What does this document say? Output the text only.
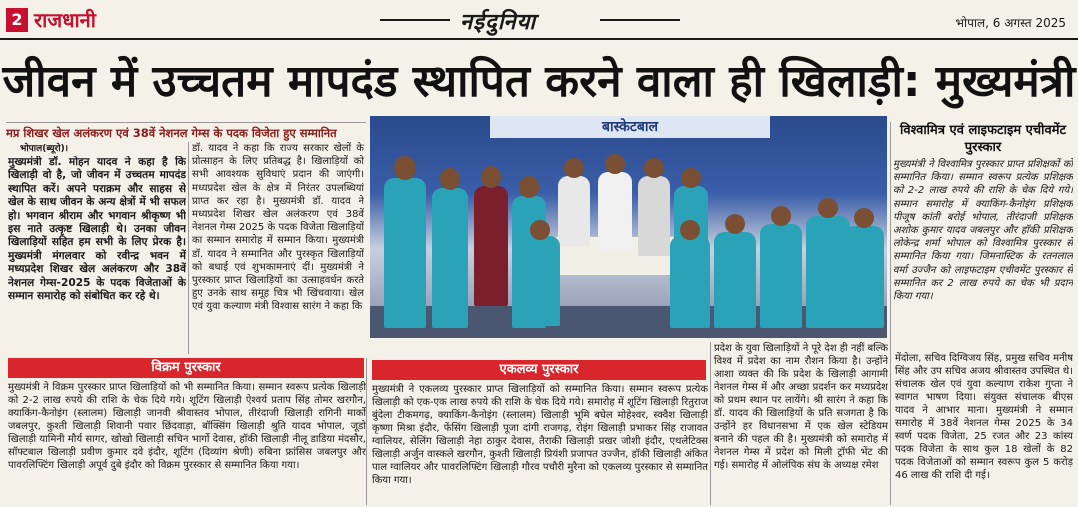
2 राजधानी	नईदुनिया	भोपाल, 6 अगस्त 2025
जीवन में उच्चतम मापदंड स्थापित करने वाला ही खिलाड़ी: मुख्यमंत्री
मप्र शिखर खेल अलंकरण एवं 38वें नेशनल गेम्स के पदक विजेता हुए सम्मानित
भोपाल(ब्यूरो)।
मुख्यमंत्री डॉ. मोहन यादव ने कहा है कि खिलाड़ी वो है, जो जीवन में उच्चतम मापदंड स्थापित करें। अपने पराक्रम और साहस से खेल के साथ जीवन के अन्य क्षेत्रों में भी सफल हो। भगवान श्रीराम और भगवान श्रीकृष्ण भी इस नाते उत्कृष्ट खिलाड़ी थे। उनका जीवन खिलाड़ियों सहित हम सभी के लिए प्रेरक है। मुख्यमंत्री मंगलवार को रवीन्द्र भवन में मध्यप्रदेश शिखर खेल अलंकरण और 38वें नेशनल गेम्स-2025 के पदक विजेताओं के सम्मान समारोह को संबोधित कर रहे थे।
डॉ. यादव ने कहा कि राज्य सरकार खेलों के प्रोत्साहन के लिए प्रतिबद्ध है। खिलाड़ियों को सभी आवश्यक सुविधाएं प्रदान की जाएंगी। मध्यप्रदेश खेल के क्षेत्र में निरंतर उपलब्धियां प्राप्त कर रहा है। मुख्यमंत्री डॉ. यादव ने मध्यप्रदेश शिखर खेल अलंकरण एवं 38वें नेशनल गेम्स 2025 के पदक विजेता खिलाड़ियों का सम्मान समारोह में सम्मान किया। मुख्यमंत्री डॉ. यादव ने सम्मानित और पुरस्कृत खिलाड़ियों को बधाई एवं शुभकामनाएं दीं। मुख्यमंत्री ने पुरस्कार प्राप्त खिलाड़ियों का उत्साहवर्धन करते हुए उनके साथ समूह चित्र भी खिंचवाया। खेल एवं युवा कल्याण मंत्री विश्वास सारंग ने कहा कि
बास्केटबाल	विश्वामित्र एवं लाइफटाइम एचीवमेंट पुरस्कार
मुख्यमंत्री ने विश्वामित्र पुरस्कार प्राप्त प्रशिक्षकों को सम्मानित किया। सम्मान स्वरूप प्रत्येक प्रशिक्षक को 2-2 लाख रुपये की राशि के चेक दिये गये। सम्मान समारोह में क्याकिंग-कैनोइंग प्रशिक्षक पीजूष कांती बरोई भोपाल, तीरंदाजी प्रशिक्षक अशोक कुमार यादव जबलपुर और हॉकी प्रशिक्षक लोकेन्द्र शर्मा भोपाल को विश्वामित्र पुरस्कार से सम्मानित किया गया। जिमनास्टिक के रतनलाल वर्मा उज्जैन को लाइफटाइम एचीवमेंट पुरस्कार से सम्मानित कर 2 लाख रुपये का चेक भी प्रदान किया गया।
विक्रम पुरस्कार
मुख्यमंत्री ने विक्रम पुरस्कार प्राप्त खिलाड़ियों को भी सम्मानित किया। सम्मान स्वरूप प्रत्येक खिलाड़ी को 2-2 लाख रुपये की राशि के चेक दिये गये। शूटिंग खिलाड़ी ऐश्वर्य प्रताप सिंह तोमर खरगौन, क्याकिंग-कैनोइंग (स्लालम) खिलाड़ी जानवी श्रीवास्तव भोपाल, तीरंदाजी खिलाड़ी रागिनी मार्को जबलपुर, कुश्ती खिलाड़ी शिवानी पवार छिंदवाड़ा, बॉक्सिंग खिलाड़ी श्रुति यादव भोपाल, जूडो खिलाड़ी यामिनी मौर्य सागर, खोखो खिलाड़ी सचिन भार्गो देवास, हॉकी खिलाड़ी नीलू डाडिया मंदसौर, सॉफ्टबाल खिलाड़ी प्रवीण कुमार दवे इंदौर, शूटिंग (दिव्यांग श्रेणी) रुबिना फ्रांसिस जबलपुर और पावरलिफ्टिंग खिलाड़ी अपूर्व दुबे इंदौर को विक्रम पुरस्कार से सम्मानित किया गया।
एकलव्य पुरस्कार
मुख्यमंत्री ने एकलव्य पुरस्कार प्राप्त खिलाड़ियों को सम्मानित किया। सम्मान स्वरूप प्रत्येक खिलाड़ी को एक-एक लाख रुपये की राशि के चेक दिये गये। समारोह में शूटिंग खिलाड़ी रितुराज बुंदेला टीकमगढ़, क्याकिंग-कैनोइंग (स्लालम) खिलाड़ी भूमि बघेल मोहेश्वर, स्क्वैश खिलाड़ी कृष्णा मिश्रा इंदौर, फेंसिंग खिलाड़ी पूजा दांगी राजगढ़, रोइंग खिलाड़ी प्रभाकर सिंह राजावत ग्वालियर, सेलिंग खिलाड़ी नेहा ठाकुर देवास, तैराकी खिलाड़ी प्रखर जोशी इंदौर, एथलेटिक्स खिलाड़ी अर्जुन वास्कले खरगौन, कुश्ती खिलाड़ी प्रियंशी प्रजापत उज्जैन, हॉकी खिलाड़ी अंकित पाल ग्वालियर और पावरलिफ्टिंग खिलाड़ी गौरव पचौरी मुरैना को एकलव्य पुरस्कार से सम्मानित किया गया।
प्रदेश के युवा खिलाड़ियों ने पूरे देश ही नहीं बल्कि विश्व में प्रदेश का नाम रौशन किया है। उन्होंने आशा व्यक्त की कि प्रदेश के खिलाड़ी आगामी नेशनल गेम्स में और अच्छा प्रदर्शन कर मध्यप्रदेश को प्रथम स्थान पर लायेंगे। श्री सारंग ने कहा कि डॉ. यादव की खिलाड़ियों के प्रति सजगता है कि उन्होंने हर विधानसभा में एक खेल स्टेडियम बनाने की पहल की है। मुख्यमंत्री को समारोह में नेशनल गेम्स में प्रदेश को मिली ट्रॉफी भेंट की गई। समारोह में ओलंपिक संघ के अध्यक्ष रमेश
मेंदोला, सचिव दिग्विजय सिंह, प्रमुख सचिव मनीष सिंह और उप सचिव अजय श्रीवास्तव उपस्थित थे। संचालक खेल एवं युवा कल्याण राकेश गुप्ता ने स्वागत भाषण दिया। संयुक्त संचालक बीएस यादव ने आभार माना। मुख्यमंत्री ने सम्मान समारोह में 38वें नेशनल गेम्स 2025 के 34 स्वर्ण पदक विजेता, 25 रजत और 23 कांस्य पदक विजेता के साथ कुल 18 खेलों के 82 पदक विजेताओं को सम्मान स्वरूप कुल 5 करोड़ 46 लाख की राशि दी गई।
